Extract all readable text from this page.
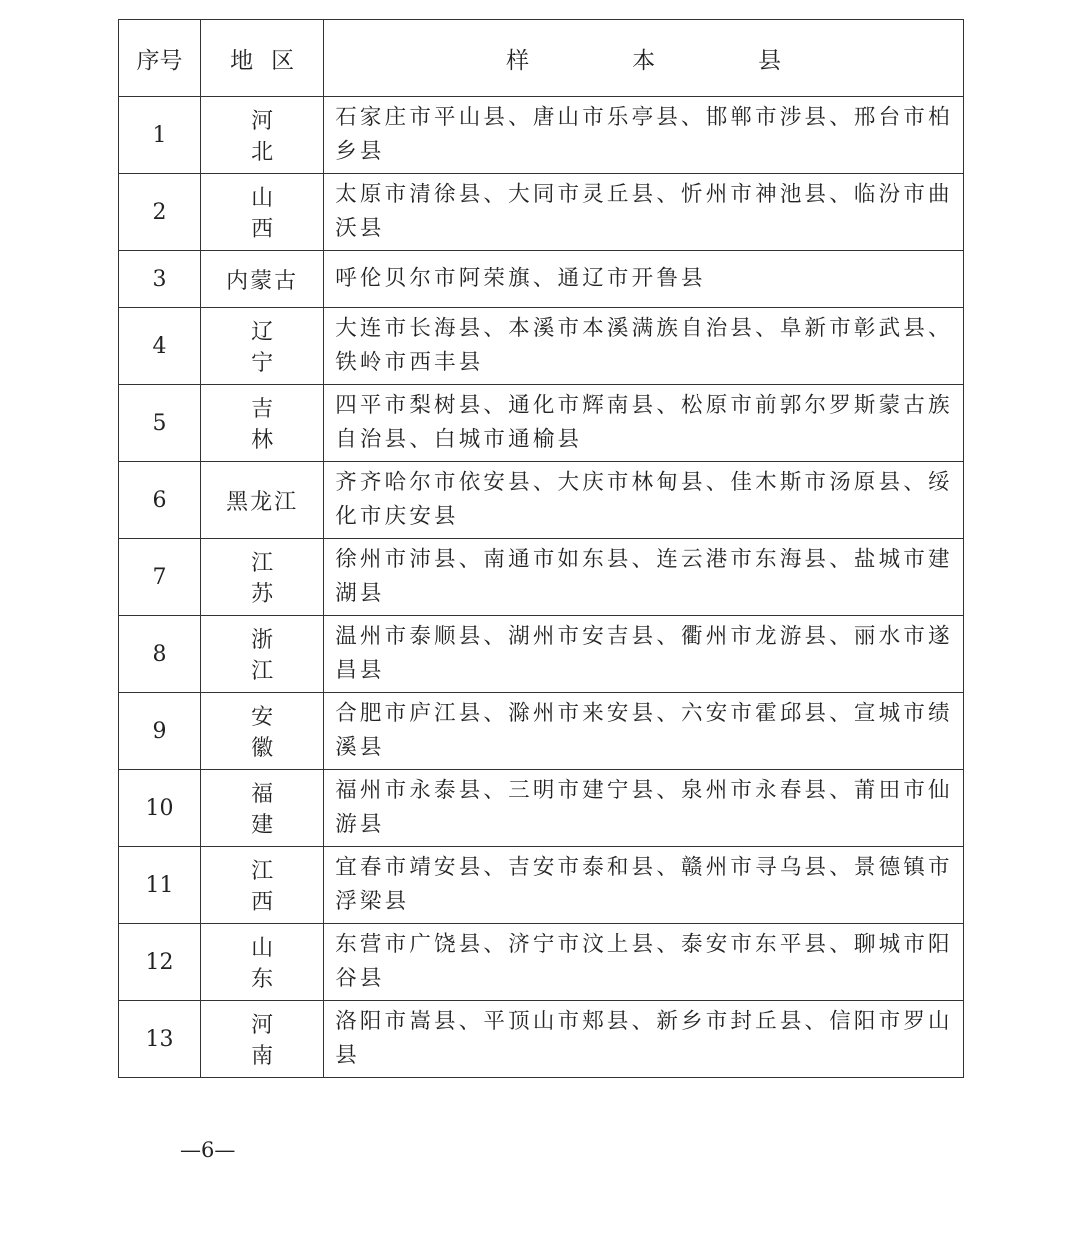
序号	地区	样　本　县
1	河北	石家庄市平山县、唐山市乐亭县、邯郸市涉县、邢台市柏乡县
2	山西	太原市清徐县、大同市灵丘县、忻州市神池县、临汾市曲沃县
3	内蒙古	呼伦贝尔市阿荣旗、通辽市开鲁县
4	辽宁	大连市长海县、本溪市本溪满族自治县、阜新市彰武县、铁岭市西丰县
5	吉林	四平市梨树县、通化市辉南县、松原市前郭尔罗斯蒙古族自治县、白城市通榆县
6	黑龙江	齐齐哈尔市依安县、大庆市林甸县、佳木斯市汤原县、绥化市庆安县
7	江苏	徐州市沛县、南通市如东县、连云港市东海县、盐城市建湖县
8	浙江	温州市泰顺县、湖州市安吉县、衢州市龙游县、丽水市遂昌县
9	安徽	合肥市庐江县、滁州市来安县、六安市霍邱县、宣城市绩溪县
10	福建	福州市永泰县、三明市建宁县、泉州市永春县、莆田市仙游县
11	江西	宜春市靖安县、吉安市泰和县、赣州市寻乌县、景德镇市浮梁县
12	山东	东营市广饶县、济宁市汶上县、泰安市东平县、聊城市阳谷县
13	河南	洛阳市嵩县、平顶山市郏县、新乡市封丘县、信阳市罗山县
—6—
